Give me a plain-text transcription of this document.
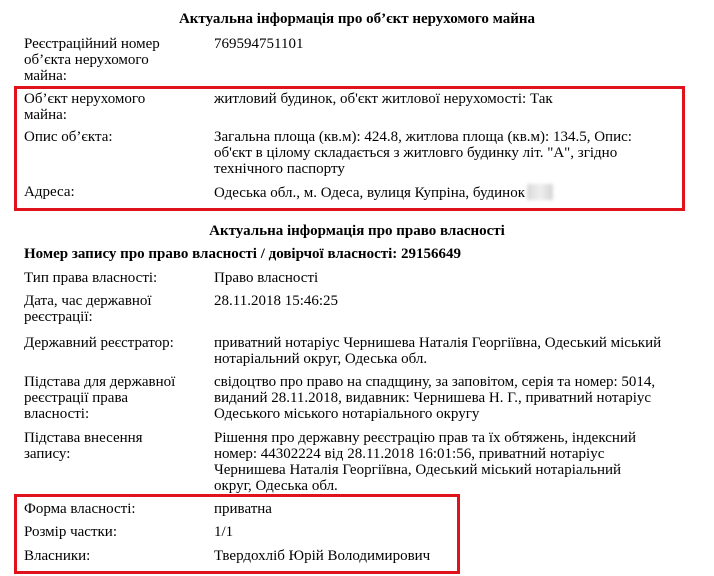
Актуальна інформація про об’єкт нерухомого майна
Реєстраційний номер
об’єкта нерухомого
майна:
769594751101
Об’єкт нерухомого
майна:
житловий будинок, об'єкт житлової нерухомості: Так
Опис об’єкта:	Загальна площа (кв.м): 424.8, житлова площа (кв.м): 134.5, Опис:
об'єкт в цілому складається з житловго будинку літ. "А", згідно
технічного паспорту
Адреса:	Одеська обл., м. Одеса, вулиця Купріна, будинок
Актуальна інформація про право власності
Номер запису про право власності / довірчої власності: 29156649
Тип права власності:	Право власності
Дата, час державної
реєстрації:
28.11.2018 15:46:25
Державний реєстратор:	приватний нотаріус Чернишева Наталія Георгіївна, Одеський міський
нотаріальний округ, Одеська обл.
Підстава для державної
реєстрації права
власності:
свідоцтво про право на спадщину, за заповітом, серія та номер: 5014,
виданий 28.11.2018, видавник: Чернишева Н. Г., приватний нотаріус
Одеського міського нотаріального округу
Підстава внесення
запису:
Рішення про державну реєстрацію прав та їх обтяжень, індексний
номер: 44302224 від 28.11.2018 16:01:56, приватний нотаріус
Чернишева Наталія Георгіївна, Одеський міський нотаріальний
округ, Одеська обл.
Форма власності:	приватна
Розмір частки:	1/1
Власники:	Твердохліб Юрій Володимирович
